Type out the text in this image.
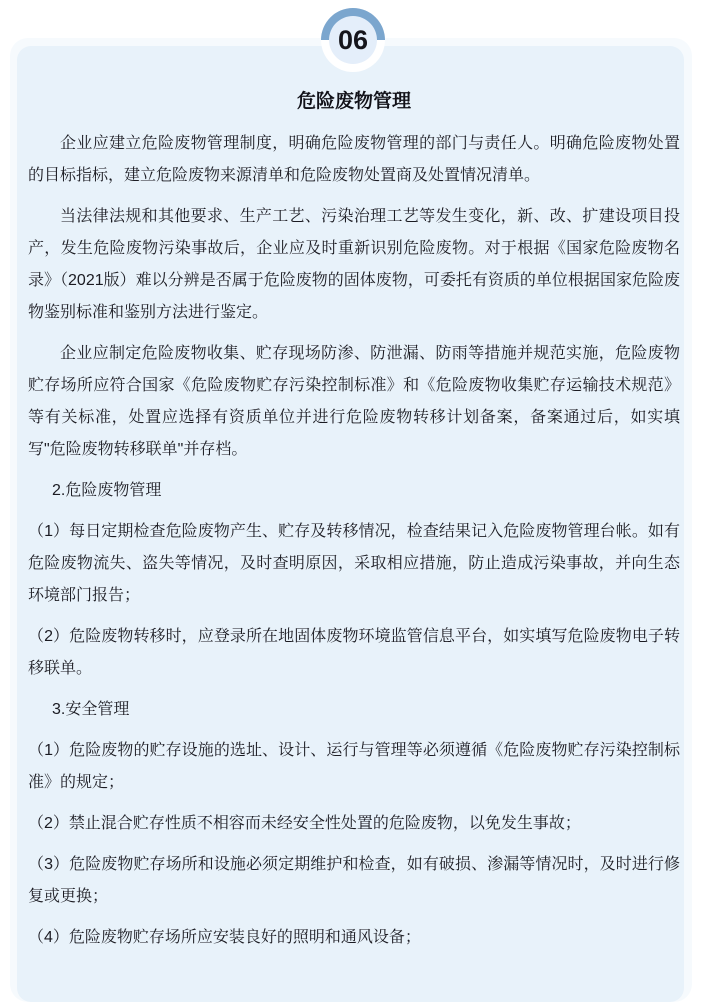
危险废物管理

企业应建立危险废物管理制度，明确危险废物管理的部门与责任人。明确危险废物处置的目标指标，建立危险废物来源清单和危险废物处置商及处置情况清单。

当法律法规和其他要求、生产工艺、污染治理工艺等发生变化，新、改、扩建设项目投产，发生危险废物污染事故后，企业应及时重新识别危险废物。对于根据《国家危险废物名录》（2021版）难以分辨是否属于危险废物的固体废物，可委托有资质的单位根据国家危险废物鉴别标准和鉴别方法进行鉴定。

企业应制定危险废物收集、贮存现场防渗、防泄漏、防雨等措施并规范实施，危险废物贮存场所应符合国家《危险废物贮存污染控制标准》和《危险废物收集贮存运输技术规范》等有关标准，处置应选择有资质单位并进行危险废物转移计划备案，备案通过后，如实填写"危险废物转移联单"并存档。

2.危险废物管理

（1）每日定期检查危险废物产生、贮存及转移情况，检查结果记入危险废物管理台帐。如有危险废物流失、盗失等情况，及时查明原因，采取相应措施，防止造成污染事故，并向生态环境部门报告；

（2）危险废物转移时，应登录所在地固体废物环境监管信息平台，如实填写危险废物电子转移联单。

3.安全管理

（1）危险废物的贮存设施的选址、设计、运行与管理等必须遵循《危险废物贮存污染控制标准》的规定；

（2）禁止混合贮存性质不相容而未经安全性处置的危险废物，以免发生事故；

（3）危险废物贮存场所和设施必须定期维护和检查，如有破损、渗漏等情况时，及时进行修复或更换；

（4）危险废物贮存场所应安装良好的照明和通风设备；

06
